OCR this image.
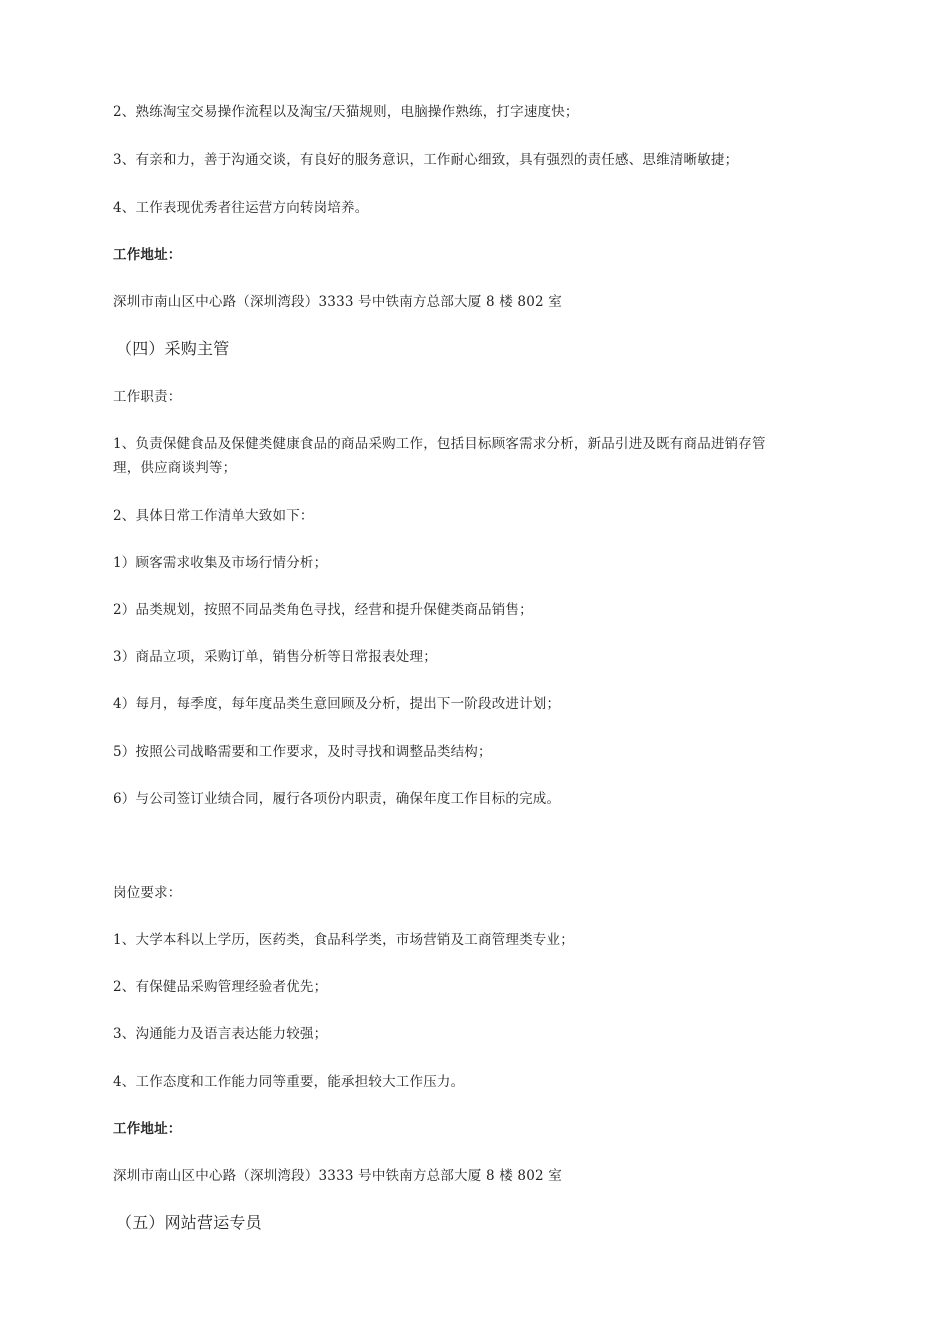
2、熟练淘宝交易操作流程以及淘宝/天猫规则，电脑操作熟练，打字速度快；
3、有亲和力，善于沟通交谈，有良好的服务意识，工作耐心细致，具有强烈的责任感、思维清晰敏捷；
4、工作表现优秀者往运营方向转岗培养。
工作地址：
深圳市南山区中心路（深圳湾段）3333 号中铁南方总部大厦 8 楼 802 室
（四）采购主管
工作职责：
1、负责保健食品及保健类健康食品的商品采购工作，包括目标顾客需求分析，新品引进及既有商品进销存管
理，供应商谈判等；
2、具体日常工作清单大致如下：
1）顾客需求收集及市场行情分析；
2）品类规划，按照不同品类角色寻找，经营和提升保健类商品销售；
3）商品立项，采购订单，销售分析等日常报表处理；
4）每月，每季度，每年度品类生意回顾及分析，提出下一阶段改进计划；
5）按照公司战略需要和工作要求，及时寻找和调整品类结构；
6）与公司签订业绩合同，履行各项份内职责，确保年度工作目标的完成。
岗位要求：
1、大学本科以上学历，医药类，食品科学类，市场营销及工商管理类专业；
2、有保健品采购管理经验者优先；
3、沟通能力及语言表达能力较强；
4、工作态度和工作能力同等重要，能承担较大工作压力。
工作地址：
深圳市南山区中心路（深圳湾段）3333 号中铁南方总部大厦 8 楼 802 室
（五）网站营运专员
